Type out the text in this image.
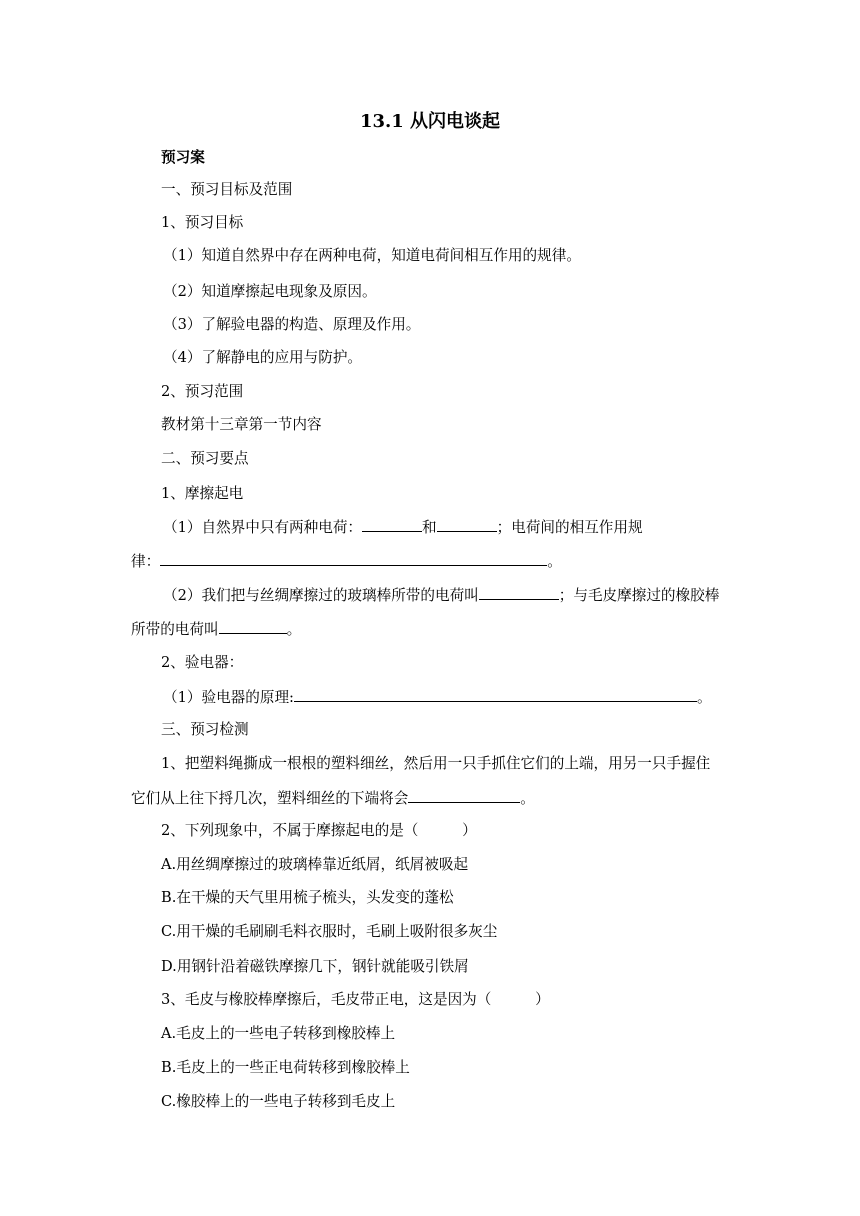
13.1 从闪电谈起
预习案
一、预习目标及范围
1、预习目标
（1）知道自然界中存在两种电荷，知道电荷间相互作用的规律。
（2）知道摩擦起电现象及原因。
（3）了解验电器的构造、原理及作用。
（4）了解静电的应用与防护。
2、预习范围
教材第十三章第一节内容
二、预习要点
1、摩擦起电
（1）自然界中只有两种电荷：	和	；电荷间的相互作用规
律：	。
（2）我们把与丝绸摩擦过的玻璃棒所带的电荷叫	；与毛皮摩擦过的橡胶棒
所带的电荷叫	。
2、验电器：
（1）验电器的原理:	。
三、预习检测
1、把塑料绳撕成一根根的塑料细丝，然后用一只手抓住它们的上端，用另一只手握住
它们从上往下捋几次，塑料细丝的下端将会	。
2、下列现象中，不属于摩擦起电的是（　　　）
A.用丝绸摩擦过的玻璃棒靠近纸屑，纸屑被吸起
B.在干燥的天气里用梳子梳头，头发变的蓬松
C.用干燥的毛刷刷毛料衣服时，毛刷上吸附很多灰尘
D.用钢针沿着磁铁摩擦几下，钢针就能吸引铁屑
3、毛皮与橡胶棒摩擦后，毛皮带正电，这是因为（　　　）
A.毛皮上的一些电子转移到橡胶棒上
B.毛皮上的一些正电荷转移到橡胶棒上
C.橡胶棒上的一些电子转移到毛皮上
